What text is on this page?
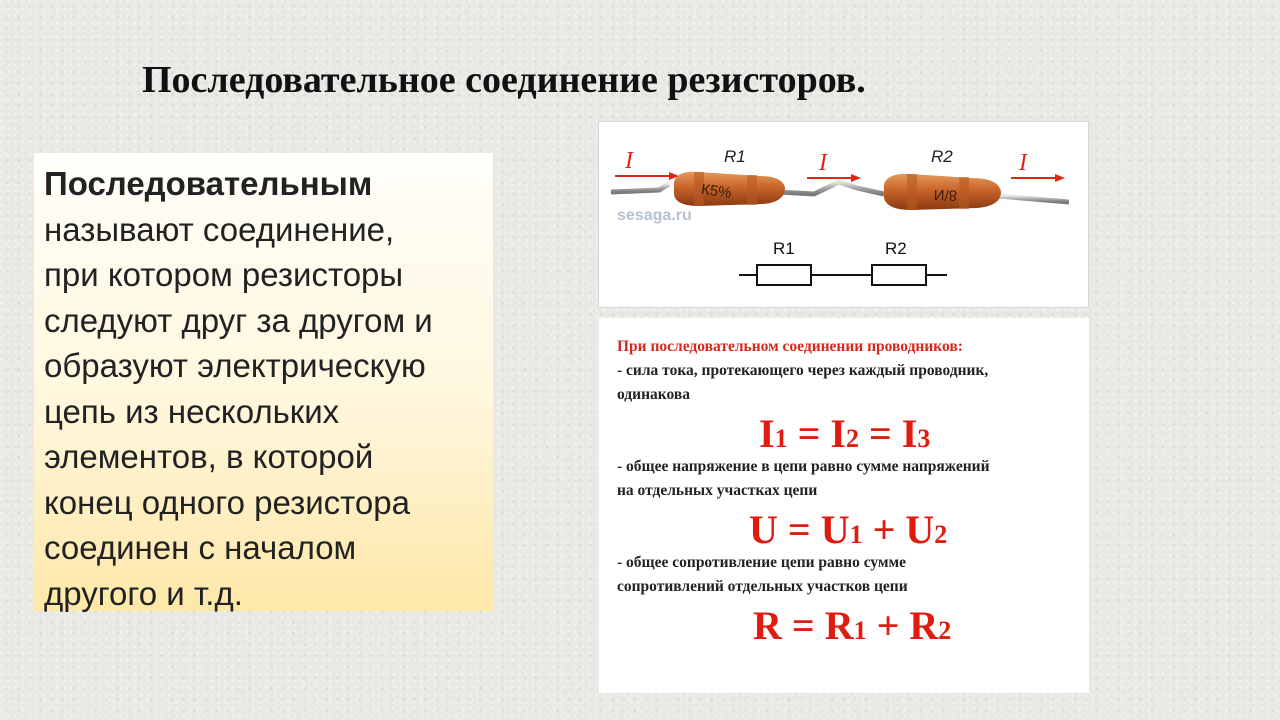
Последовательное соединение резисторов.
Последовательным
называют соединение,
при котором резисторы
следуют друг за другом и
образуют электрическую
цепь из нескольких
элементов, в которой
конец одного резистора
соединен с началом
другого и т.д.
I	I	I
R1	R2
К5%	8/И
sesaga.ru
R1	R2
При последовательном соединении проводников:
- сила тока, протекающего через каждый проводник,
одинакова
I1 = I2 = I3
- общее напряжение в цепи равно сумме напряжений
на отдельных участках цепи
U = U1 + U2
- общее сопротивление цепи равно сумме
сопротивлений отдельных участков цепи
R = R1 + R2
